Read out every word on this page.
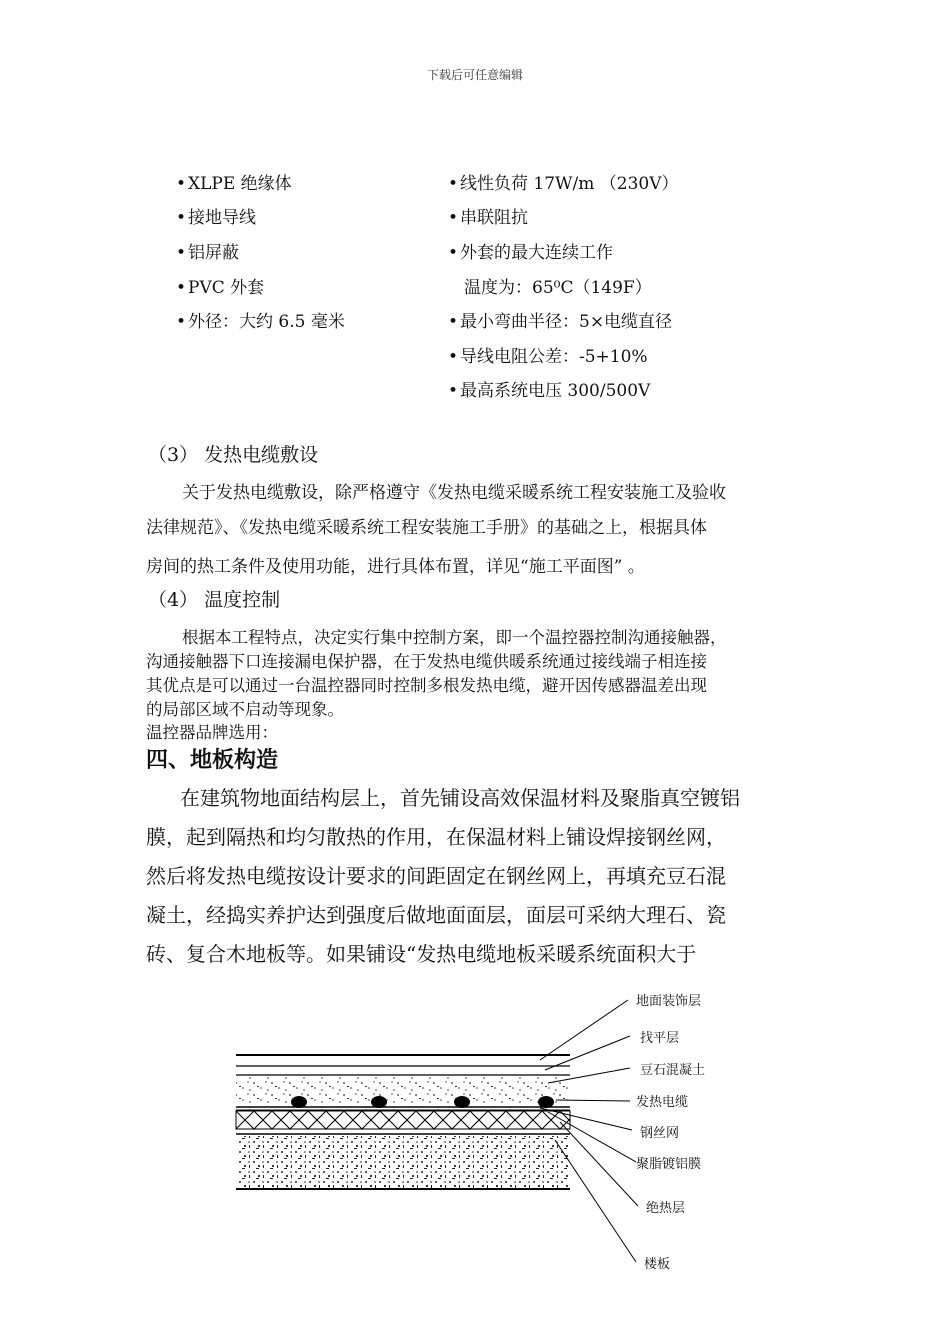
下载后可任意编辑
• XLPE 绝缘体
• 接地导线
• 铝屏蔽
• PVC 外套
• 外径：大约 6.5 毫米
• 线性负荷 17W/m （230V）
• 串联阻抗
• 外套的最大连续工作
温度为：65⁰C（149F）
• 最小弯曲半径：5×电缆直径
• 导线电阻公差：-5+10%
• 最高系统电压 300/500V
（3） 发热电缆敷设
关于发热电缆敷设，除严格遵守《发热电缆采暖系统工程安装施工及验收
法律规范》、《发热电缆采暖系统工程安装施工手册》的基础之上，根据具体
房间的热工条件及使用功能，进行具体布置，详见“施工平面图” 。
（4） 温度控制
根据本工程特点，决定实行集中控制方案，即一个温控器控制沟通接触器，
沟通接触器下口连接漏电保护器，在于发热电缆供暖系统通过接线端子相连接
其优点是可以通过一台温控器同时控制多根发热电缆，避开因传感器温差出现
的局部区域不启动等现象。
温控器品牌选用：
四、地板构造
在建筑物地面结构层上，首先铺设高效保温材料及聚脂真空镀铝
膜，起到隔热和均匀散热的作用，在保温材料上铺设焊接钢丝网，
然后将发热电缆按设计要求的间距固定在钢丝网上，再填充豆石混
凝土，经捣实养护达到强度后做地面面层，面层可采纳大理石、瓷
砖、复合木地板等。如果铺设“发热电缆地板采暖系统面积大于
地面装饰层
找平层
豆石混凝土
发热电缆
钢丝网
聚脂镀铝膜
绝热层
楼板
